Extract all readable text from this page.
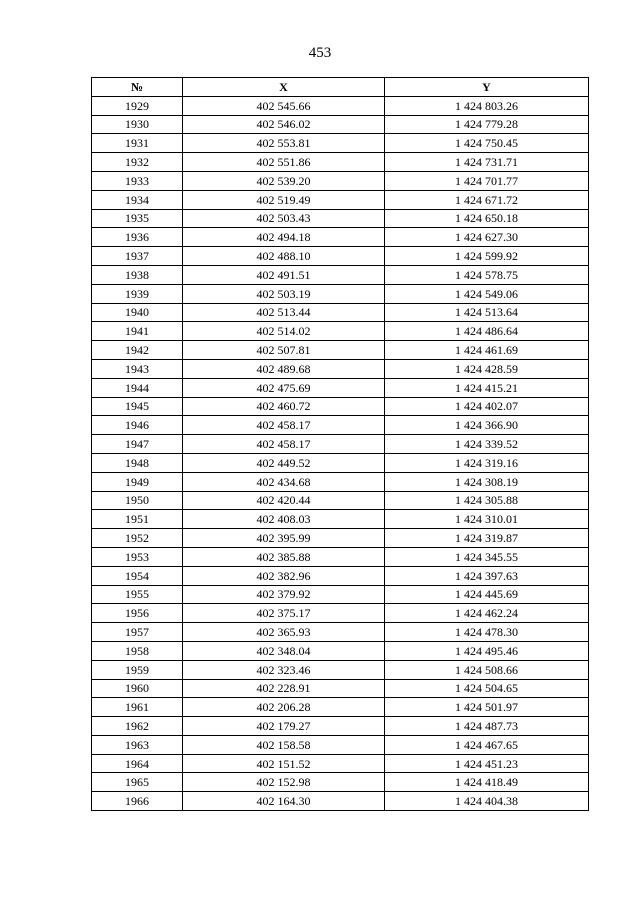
453
№	X	Y
1929	402 545.66	1 424 803.26
1930	402 546.02	1 424 779.28
1931	402 553.81	1 424 750.45
1932	402 551.86	1 424 731.71
1933	402 539.20	1 424 701.77
1934	402 519.49	1 424 671.72
1935	402 503.43	1 424 650.18
1936	402 494.18	1 424 627.30
1937	402 488.10	1 424 599.92
1938	402 491.51	1 424 578.75
1939	402 503.19	1 424 549.06
1940	402 513.44	1 424 513.64
1941	402 514.02	1 424 486.64
1942	402 507.81	1 424 461.69
1943	402 489.68	1 424 428.59
1944	402 475.69	1 424 415.21
1945	402 460.72	1 424 402.07
1946	402 458.17	1 424 366.90
1947	402 458.17	1 424 339.52
1948	402 449.52	1 424 319.16
1949	402 434.68	1 424 308.19
1950	402 420.44	1 424 305.88
1951	402 408.03	1 424 310.01
1952	402 395.99	1 424 319.87
1953	402 385.88	1 424 345.55
1954	402 382.96	1 424 397.63
1955	402 379.92	1 424 445.69
1956	402 375.17	1 424 462.24
1957	402 365.93	1 424 478.30
1958	402 348.04	1 424 495.46
1959	402 323.46	1 424 508.66
1960	402 228.91	1 424 504.65
1961	402 206.28	1 424 501.97
1962	402 179.27	1 424 487.73
1963	402 158.58	1 424 467.65
1964	402 151.52	1 424 451.23
1965	402 152.98	1 424 418.49
1966	402 164.30	1 424 404.38
